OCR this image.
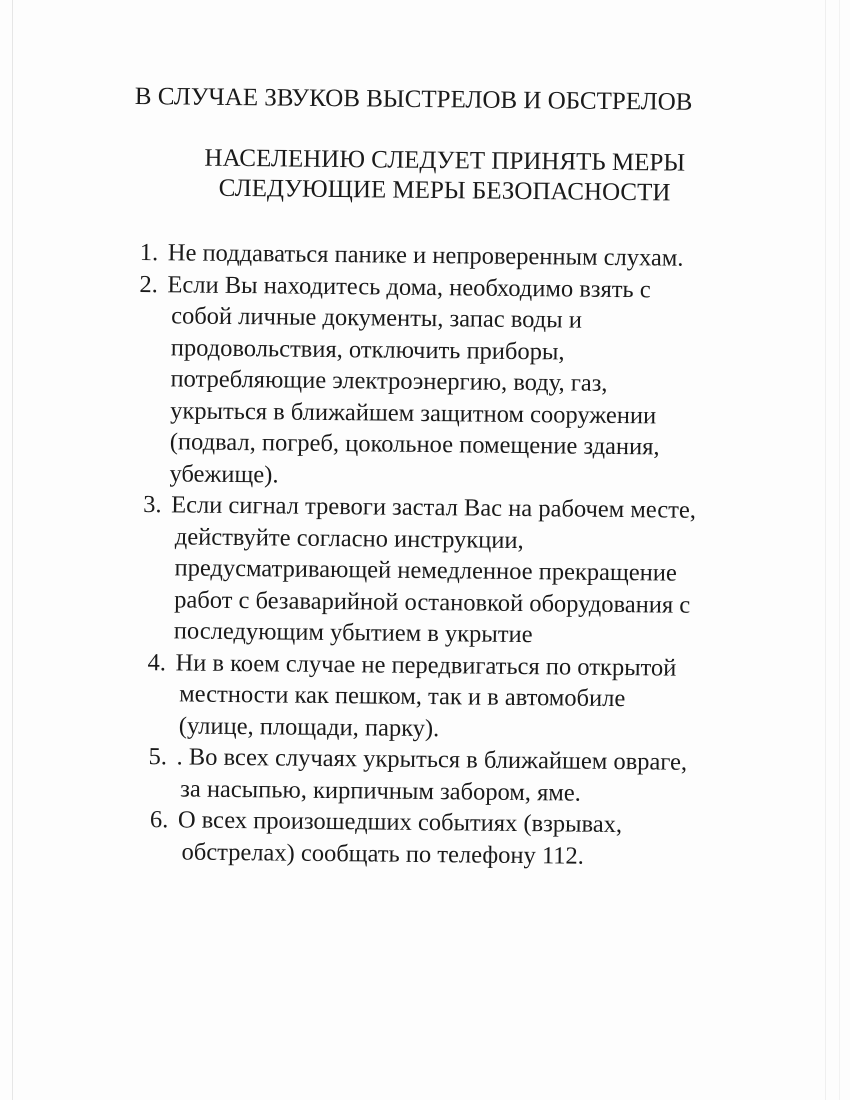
В СЛУЧАЕ ЗВУКОВ ВЫСТРЕЛОВ И ОБСТРЕЛОВ
НАСЕЛЕНИЮ СЛЕДУЕТ ПРИНЯТЬ МЕРЫ
СЛЕДУЮЩИЕ МЕРЫ БЕЗОПАСНОСТИ
1. Не поддаваться панике и непроверенным слухам.
2. Если Вы находитесь дома, необходимо взять с
собой личные документы, запас воды и
продовольствия, отключить приборы,
потребляющие электроэнергию, воду, газ,
укрыться в ближайшем защитном сооружении
(подвал, погреб, цокольное помещение здания,
убежище).
3. Если сигнал тревоги застал Вас на рабочем месте,
действуйте согласно инструкции,
предусматривающей немедленное прекращение
работ с безаварийной остановкой оборудования с
последующим убытием в укрытие
4. Ни в коем случае не передвигаться по открытой
местности как пешком, так и в автомобиле
(улице, площади, парку).
5. . Во всех случаях укрыться в ближайшем овраге,
за насыпью, кирпичным забором, яме.
6. О всех произошедших событиях (взрывах,
обстрелах) сообщать по телефону 112.
